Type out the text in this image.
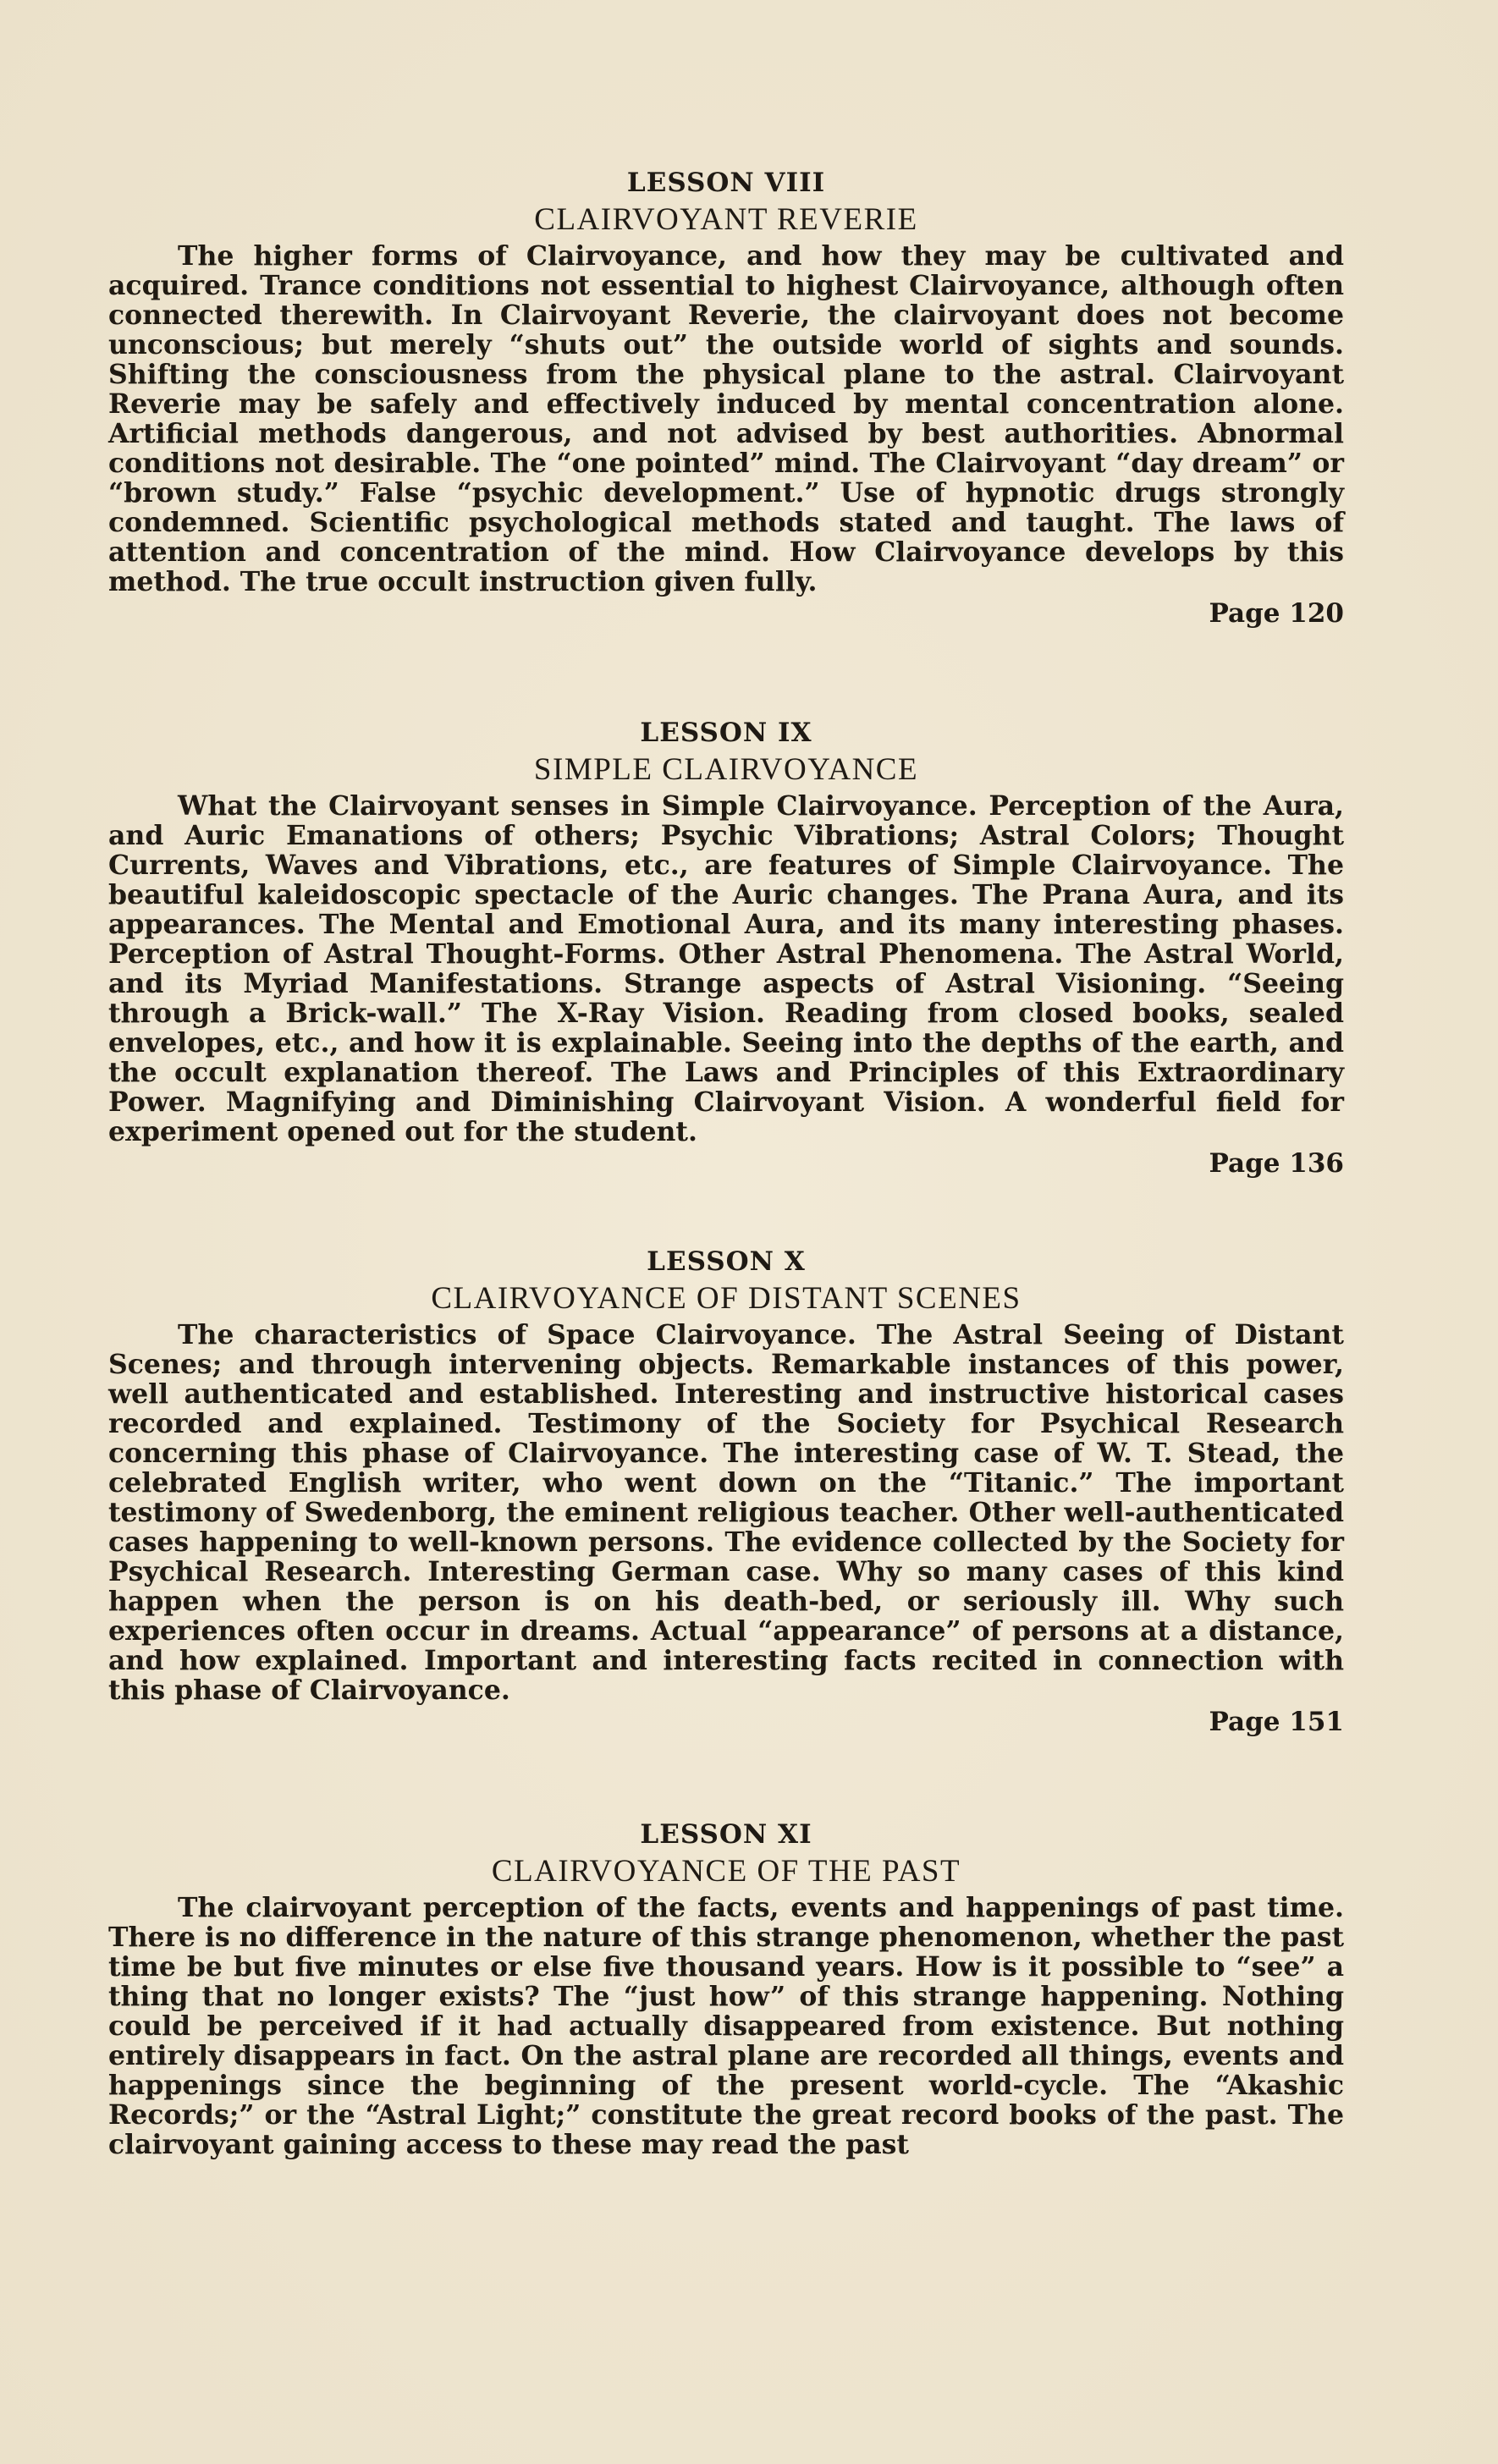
LESSON VIII

CLAIRVOYANT REVERIE

The higher forms of Clairvoyance, and how they may be cultivated and acquired. Trance conditions not essential to highest Clairvoyance, although often connected therewith. In Clairvoyant Reverie, the clairvoyant does not become unconscious; but merely “shuts out” the outside world of sights and sounds. Shifting the consciousness from the physical plane to the astral. Clairvoyant Reverie may be safely and effectively induced by mental concentration alone. Artificial methods dangerous, and not advised by best authorities. Abnormal conditions not desirable. The “one pointed” mind. The Clairvoyant “day dream” or “brown study.” False “psychic development.” Use of hypnotic drugs strongly condemned. Scientific psychological methods stated and taught. The laws of attention and concentration of the mind. How Clairvoyance develops by this method. The true occult instruction given fully.

Page 120

LESSON IX

SIMPLE CLAIRVOYANCE

What the Clairvoyant senses in Simple Clairvoyance. Perception of the Aura, and Auric Emanations of others; Psychic Vibrations; Astral Colors; Thought Currents, Waves and Vibrations, etc., are features of Simple Clairvoyance. The beautiful kaleidoscopic spectacle of the Auric changes. The Prana Aura, and its appearances. The Mental and Emotional Aura, and its many interesting phases. Perception of Astral Thought-Forms. Other Astral Phenomena. The Astral World, and its Myriad Manifestations. Strange aspects of Astral Visioning. “Seeing through a Brick-wall.” The X-Ray Vision. Reading from closed books, sealed envelopes, etc., and how it is explainable. Seeing into the depths of the earth, and the occult explanation thereof. The Laws and Principles of this Extraordinary Power. Magnifying and Diminishing Clairvoyant Vision. A wonderful field for experiment opened out for the student.

Page 136

LESSON X

CLAIRVOYANCE OF DISTANT SCENES

The characteristics of Space Clairvoyance. The Astral Seeing of Distant Scenes; and through intervening objects. Remarkable instances of this power, well authenticated and established. Interesting and instructive historical cases recorded and explained. Testimony of the Society for Psychical Research concerning this phase of Clairvoyance. The interesting case of W. T. Stead, the celebrated English writer, who went down on the “Titanic.” The important testimony of Swedenborg, the eminent religious teacher. Other well-authenticated cases happening to well-known persons. The evidence collected by the Society for Psychical Research. Interesting German case. Why so many cases of this kind happen when the person is on his death-bed, or seriously ill. Why such experiences often occur in dreams. Actual “appearance” of persons at a distance, and how explained. Important and interesting facts recited in connection with this phase of Clairvoyance.

Page 151

LESSON XI

CLAIRVOYANCE OF THE PAST

The clairvoyant perception of the facts, events and happenings of past time. There is no difference in the nature of this strange phenomenon, whether the past time be but five minutes or else five thousand years. How is it possible to “see” a thing that no longer exists? The “just how” of this strange happening. Nothing could be perceived if it had actually disappeared from existence. But nothing entirely disappears in fact. On the astral plane are recorded all things, events and happenings since the beginning of the present world-cycle. The “Akashic Records;” or the “Astral Light;” constitute the great record books of the past. The clairvoyant gaining access to these may read the past
